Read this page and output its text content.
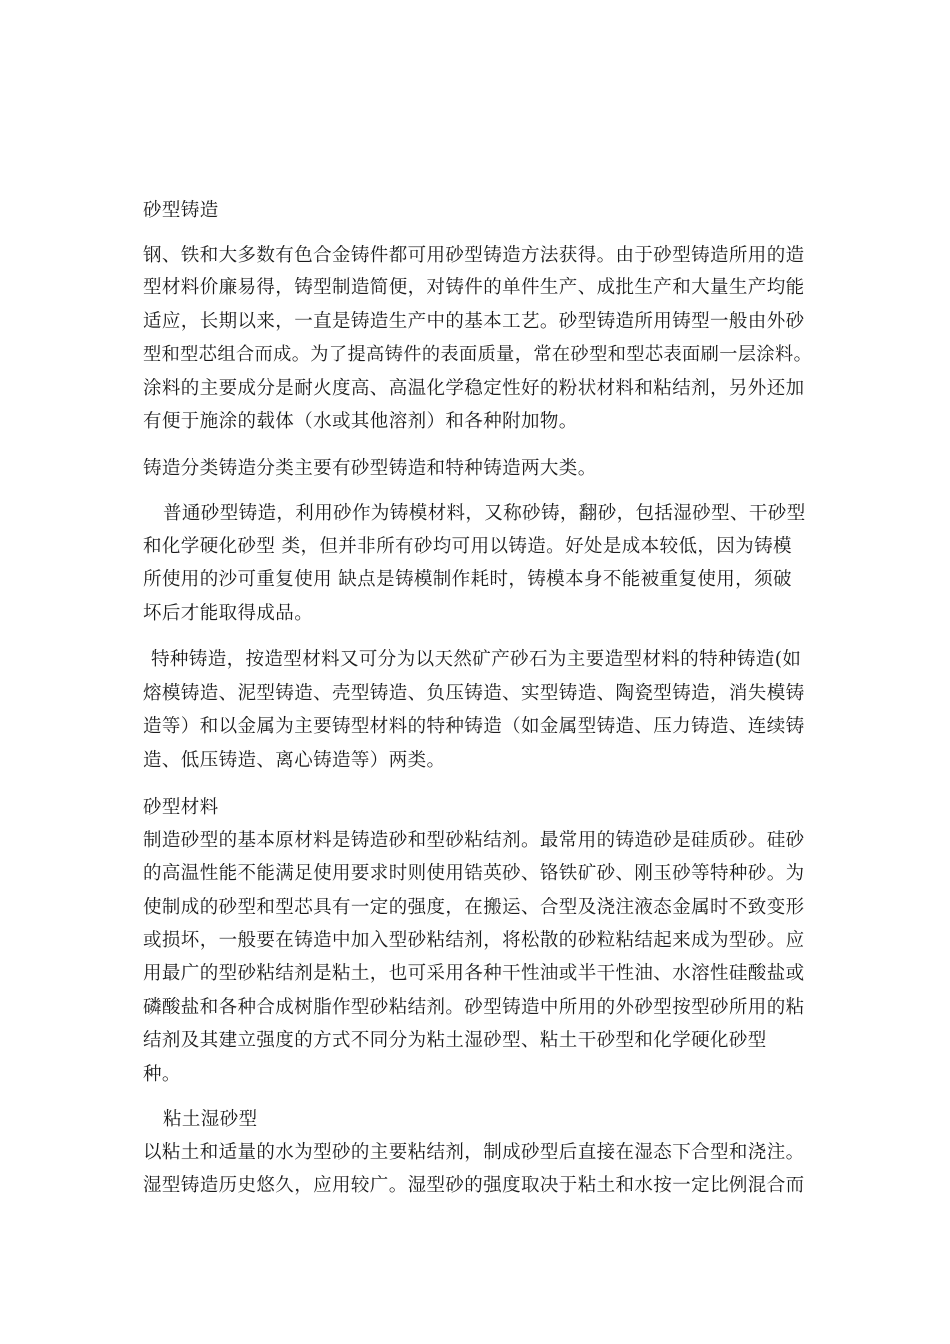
砂型铸造
钢、铁和大多数有色合金铸件都可用砂型铸造方法获得。由于砂型铸造所用的造
型材料价廉易得，铸型制造简便，对铸件的单件生产、成批生产和大量生产均能
适应，长期以来，一直是铸造生产中的基本工艺。砂型铸造所用铸型一般由外砂
型和型芯组合而成。为了提高铸件的表面质量，常在砂型和型芯表面刷一层涂料。
涂料的主要成分是耐火度高、高温化学稳定性好的粉状材料和粘结剂，另外还加
有便于施涂的载体（水或其他溶剂）和各种附加物。
铸造分类铸造分类主要有砂型铸造和特种铸造两大类。
普通砂型铸造，利用砂作为铸模材料，又称砂铸，翻砂，包括湿砂型、干砂型
和化学硬化砂型 类，但并非所有砂均可用以铸造。好处是成本较低，因为铸模
所使用的沙可重复使用 缺点是铸模制作耗时，铸模本身不能被重复使用，须破
坏后才能取得成品。
特种铸造，按造型材料又可分为以天然矿产砂石为主要造型材料的特种铸造(如
熔模铸造、泥型铸造、壳型铸造、负压铸造、实型铸造、陶瓷型铸造，消失模铸
造等）和以金属为主要铸型材料的特种铸造（如金属型铸造、压力铸造、连续铸
造、低压铸造、离心铸造等）两类。
砂型材料
制造砂型的基本原材料是铸造砂和型砂粘结剂。最常用的铸造砂是硅质砂。硅砂
的高温性能不能满足使用要求时则使用锆英砂、铬铁矿砂、刚玉砂等特种砂。为
使制成的砂型和型芯具有一定的强度，在搬运、合型及浇注液态金属时不致变形
或损坏，一般要在铸造中加入型砂粘结剂，将松散的砂粒粘结起来成为型砂。应
用最广的型砂粘结剂是粘土，也可采用各种干性油或半干性油、水溶性硅酸盐或
磷酸盐和各种合成树脂作型砂粘结剂。砂型铸造中所用的外砂型按型砂所用的粘
结剂及其建立强度的方式不同分为粘土湿砂型、粘土干砂型和化学硬化砂型
种。
粘土湿砂型
以粘土和适量的水为型砂的主要粘结剂，制成砂型后直接在湿态下合型和浇注。
湿型铸造历史悠久，应用较广。湿型砂的强度取决于粘土和水按一定比例混合而
